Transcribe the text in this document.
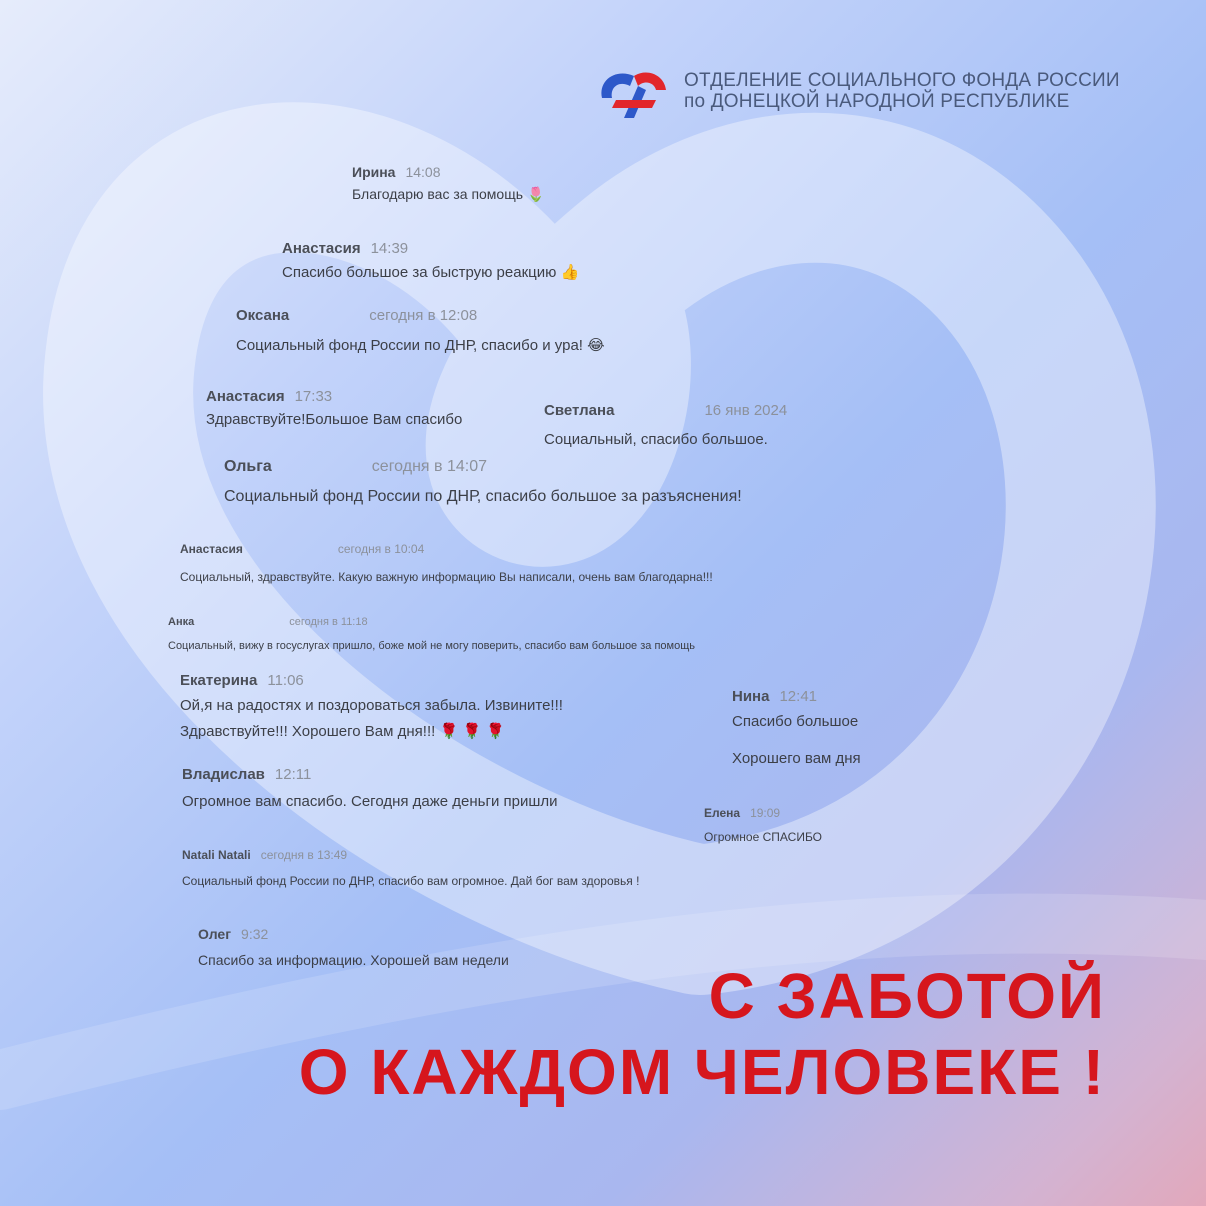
ОТДЕЛЕНИЕ СОЦИАЛЬНОГО ФОНДА РОССИИ
по ДОНЕЦКОЙ НАРОДНОЙ РЕСПУБЛИКЕ
Ирина 14:08
Благодарю вас за помощь 🌷
Анастасия 14:39
Спасибо большое за быструю реакцию 👍
Оксана	сегодня в 12:08
Социальный фонд России по ДНР, спасибо и ура! 😂
Анастасия 17:33
Здравствуйте!Большое Вам спасибо
Светлана	16 янв 2024
Социальный, спасибо большое.
Ольга	сегодня в 14:07
Социальный фонд России по ДНР, спасибо большое за разъяснения!
Анастасия	сегодня в 10:04
Социальный, здравствуйте. Какую важную информацию Вы написали, очень вам благодарна!!!
Анка	сегодня в 11:18
Социальный, вижу в госуслугах пришло, боже мой не могу поверить, спасибо вам большое за помощь
Екатерина 11:06
Ой,я на радостях и поздороваться забыла. Извините!!!
Здравствуйте!!! Хорошего Вам дня!!! 🌹 🌹 🌹
Нина 12:41
Спасибо большое
Хорошего вам дня
Владислав 12:11
Огромное вам спасибо. Сегодня даже деньги пришли
Елена 19:09
Огромное СПАСИБО
Natali Natali сегодня в 13:49
Социальный фонд России по ДНР, спасибо вам огромное. Дай бог вам здоровья !
Олег 9:32
Спасибо за информацию. Хорошей вам недели	С ЗАБОТОЙ
О КАЖДОМ ЧЕЛОВЕКЕ !
